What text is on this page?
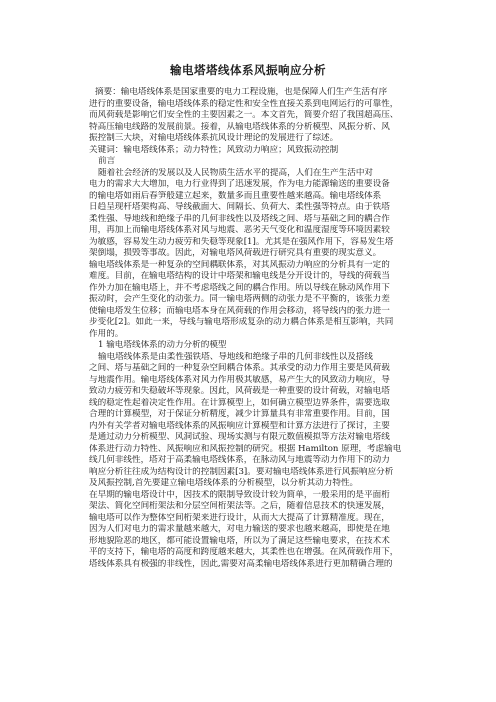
输电塔塔线体系风振响应分析
摘要：输电塔线体系是国家重要的电力工程设施，也是保障人们生产生活有序
进行的重要设备，输电塔线体系的稳定性和安全性直接关系到电网运行的可靠性，
而风荷载是影响它们安全性的主要因素之一。本文首先，简要介绍了我国超高压、
特高压输电线路的发展前景。接着，从输电塔线体系的分析模型、风振分析、风
振控制三大块，对输电塔线体系抗风设计理论的发展进行了综述。
关键词：输电塔线体系；动力特性；风致动力响应；风致振动控制
前言
随着社会经济的发展以及人民物质生活水平的提高，人们在生产生活中对
电力的需求大大增加，电力行业得到了迅速发展，作为电力能源输送的重要设备
的输电塔如雨后春笋般建立起来，数量多而且重要性越来越高。输电塔线体系
日趋呈现杆塔架构高、导线截面大、间隔长、负荷大、柔性强等特点。由于铁塔
柔性强、导地线和绝缘子串的几何非线性以及塔线之间、塔与基础之间的耦合作
用，再加上而输电塔线体系对风与地震、恶劣天气变化和温度湿度等环境因素较
为敏感，容易发生动力疲劳和失稳等现象[1]。尤其是在强风作用下，容易发生塔
架倒塌，损毁等事故。因此，对输电塔风荷载进行研究具有重要的现实意义。
输电塔线体系是一种复杂的空间耦联体系，对其风振动力响应的分析具有一定的
难度。目前，在输电塔结构的设计中塔架和输电线是分开设计的，导线的荷载当
作外力加在输电塔上，并不考虑塔线之间的耦合作用。所以导线在脉动风作用下
振动时，会产生变化的动张力。同一输电塔两侧的动张力是不平衡的，该张力差
使输电塔发生位移；而输电塔本身在风荷载的作用会移动，将导线内的张力进一
步变化[2]。如此一来，导线与输电塔形成复杂的动力耦合体系是相互影响，共同
作用的。
1 输电塔线体系的动力分析的模型
输电塔线体系是由柔性强铁塔、导地线和绝缘子串的几何非线性以及搭线
之间、塔与基础之间的一种复杂空间耦合体系。其承受的动力作用主要是风荷载
与地震作用。输电塔线体系对风力作用极其敏感，易产生大的风致动力响应，导
致动力疲劳和失稳破坏等现象。因此，风荷载是一种重要的设计荷载，对输电塔
线的稳定性起着决定性作用。在计算模型上，如何确立模型边界条件，需要选取
合理的计算模型，对于保证分析精度，减少计算量具有非常重要作用。目前，国
内外有关学者对输电塔线体系的风振响应计算模型和计算方法进行了探讨，主要
是通过动力分析模型、风洞试验、现场实测与有限元数值模拟等方法对输电塔线
体系进行动力特性、风振响应和风振控制的研究。根据 Hamilton 原理，考虑输电
线几何非线性，塔对于高柔输电塔线体系，在脉动风与地震等动力作用下的动力
响应分析往往成为结构设计的控制因素[3]。要对输电塔线体系进行风振响应分析
及风振控制,首先要建立输电塔线体系的分析模型，以分析其动力特性。
在早期的输电塔设计中，因技术的限制导致设计较为简单，一般采用的是平面桁
架法、简化空间桁架法和分层空间桁架法等。之后，随着信息技术的快速发展，
输电塔可以作为整体空间桁架来进行设计，从而大大提高了计算精准度。现在，
因为人们对电力的需求量越来越大，对电力输送的要求也越来越高，即使是在地
形地貌险恶的地区，都可能设置输电塔，所以为了满足这些输电要求，在技术术
平的支持下，输电塔的高度和跨度越来越大，其柔性也在增强。在风荷载作用下，
塔线体系具有极强的非线性，因此,需要对高柔输电塔线体系进行更加精确合理的
